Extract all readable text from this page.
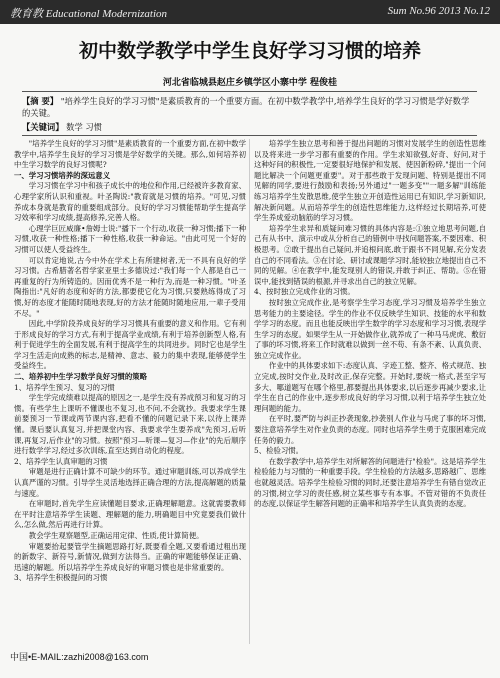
教育教 Educational Modernization	Sum No.96 2013 No.12
初中数学教学中学生良好学习习惯的培养
河北省临城县赵庄乡镇学区小寨中学 程俊桂
【摘 要】 "培养学生良好的学习习惯"是素质教育的一个重要方面。在初中数学教学中,培养学生良好的学习习惯是学好数学的关键。
【关键词】 数学 习惯

"培养学生良好的学习习惯"是素质教育的一个重要方面,在初中数学教学中,培养学生良好的学习习惯是学好数学的关键。那么,如何培养初中生学习数学的良好习惯呢?

一、学习习惯培养的深远意义

学习习惯在学习中和孩子成长中的地位和作用,已经被许多教育家、心理学家所认识和重视。叶圣陶说:"教育就是习惯的培养。"可见,习惯养成本身就是教育的重要组成部分。良好的学习习惯能帮助学生提高学习效率和学习成绩,提高修养,完善人格。

心理学巨匠威廉•詹姆士说:"播下一个行动,收获一种习惯;播下一种习惯,收获一种性格;播下一种性格,收获一种命运。"由此可见一个好的习惯可以使人受益终生。

可以肯定地说,古今中外在学术上有所建树者,无一不具有良好的学习习惯。古希腊著名哲学家亚里士多德说过:"我们每一个人都是自己一再重复的行为所铸造的。因而优秀不是一种行为,而是一种习惯。"叶圣陶指出:"凡好的态度和好的方法,都要使它化为习惯,只要熟练得成了习惯,好的态度才能随时随地表现,好的方法才能随时随地应用,一辈子受用不尽。"

因此,中学阶段养成良好的学习习惯具有重要的意义和作用。它有利于形成良好的学习方式,有利于提高学业成绩,有利于培养创新型人格,有利于促进学生的全面发展,有利于提高学生的共同进步。同时它也是学生学习生活走向成熟的标志,是精神、意志、毅力的集中表现,能够使学生受益终生。

二、培养初中生学习数学良好习惯的策略

1、培养学生预习、复习的习惯

学生学完成绩难以提高的原因之一,是学生没有养成预习和复习的习惯。有些学生上课听不懂课也不复习,也不问,不会就抄。我要求学生课前要预习一节课或两节课内容,把看不懂的问题记录下来,以待上课弄懂。课后要认真复习,并把课堂内容、我要求学生要养成"先预习,后听课,再复习,后作业"的习惯。按照"预习—听课—复习—作业"的先后顺序进行数学学习,经过多次训练,直至达到自动化的程度。

2、培养学生认真审题的习惯

审题是进行正确计算不可缺少的环节。通过审题训练,可以养成学生认真严谨的习惯。引导学生灵活地选择正确合理的方法,提高解题的质量与速度。

在审题时,首先学生应读懂题目要求,正确理解题意。这就需要教师在平时注意培养学生读题、理解题的能力,明确题目中究竟要我们做什么,怎么做,然后再进行计算。

教会学生观察题型,正确运用定律、性质,使计算简便。

审题要抬起要管学生摘题思路打好,既要看全题,又要看通过粗出现的新数字、新符号,新情况,做到方法得当。正确的审题能够保证正确、迅速的解题。所以培养学生养成良好的审题习惯也是非常重要的。

3、培养学生积极提问的习惯

培养学生独立思考和善于提出问题的习惯对发展学生的创造性思维以及将来进一步学习都有重要的作用。学生求知欲强,好奇、好问,对于这种好问的积极性,一定要很好地保护和发展、使因新粉碎,"提出一个问题比解决一个问题更重要"。对于那些敢于发现问题、特别是提出不同见解的同学,要进行鼓励和表扬;另外通过"一题多变""一题多解"训练能练习培养学生发散思维,使学生独立开创造性运用已有知识,学习新知识,解决新问题。从而培养学生的创造性思维能力,这样经过长期培养,可使学生养成爱动脑筋的学习习惯。

培养学生求异和质疑问难习惯的具体内容是:①独立地思考问题,自己有从书中、演示中或从分析自己的错例中寻找问题答案,不要因难、积极思考。②敢于提出自己疑问,并追根问底,敢于跟书不同见解,充分发表自己的不同看法。③在讨论、研讨或课题学习时,能较独立地提出自己不同的见解。④在教学中,能发现别人的错误,并敢于纠正、帮助。⑤在错误中,能找到错误的根源,并寻求出自己的独立见解。

4、按时独立完成作业的习惯。

按时独立完成作业,是考察学生学习态度,学习习惯及培养学生独立思考能力的主要途径。学生的作业不仅反映学生知识、技能的水平和数学学习的态度。而且也能反映出学生数学的学习态度和学习习惯,表现学生学习的态度。如果学生从一开始做作业,就养成了一种马马虎虎、敷衍了事的坏习惯,将来工作时就难以做到一丝不苟、有条不紊、认真负责、独立完成作业。

作业中的具体要求如下:态度认真、字迹工整、整齐、格式规范、独立完成,按时交作业,及时改正,保存完整。开始时,要统一格式,甚至字写多大、哪道题写在哪个格里,都要提出具体要求,以后逐步再减少要求,让学生在自己的作业中,逐步形成良好的学习习惯,以利于培养学生独立处理问题的能力。

在平时,要严防与纠正抄袭现象,抄袭别人作业与马虎了事的坏习惯,要注意培养学生对作业负责的态度。同时也培养学生勇于克服困难完成任务的毅力。

5、检验习惯。

在数学教学中,培养学生对所解答的问题进行"检验"。这是培养学生检验能力与习惯的一种重要手段。学生检验的方法越多,思路越广、思维也就越灵活。培养学生检验习惯的同时,还要注意培养学生有错自觉改正的习惯,树立学习的责任感,树立某些事专有本事。不管对错的不负责任的态度,以保证学生解答问题的正确率和培养学生认真负责的态度。

中国•E-MAIL:zazhi2008@163.com
